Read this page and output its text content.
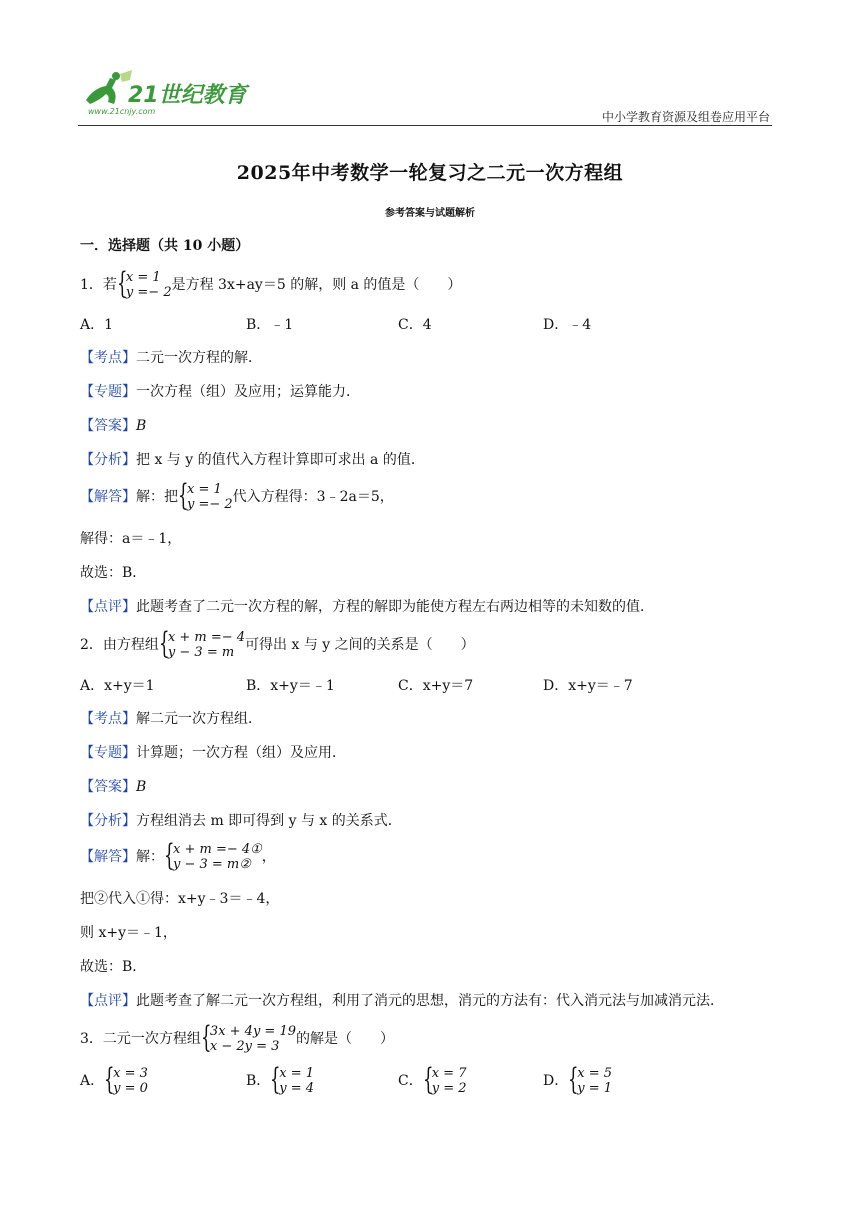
21世纪教育
www.21cnjy.com	中小学教育资源及组卷应用平台
2025年中考数学一轮复习之二元一次方程组
参考答案与试题解析
一．选择题（共 10 小题）
1．若 {
x = 1
y =− 2 是方程 3x+ay＝5 的解，则 a 的值是（　　）
A．1	B．﹣1	C．4	D．﹣4
【考点】二元一次方程的解．
【专题】一次方程（组）及应用；运算能力．
【答案】B
【分析】把 x 与 y 的值代入方程计算即可求出 a 的值．
【解答】解：把 {
x = 1
y =− 2 代入方程得：3﹣2a＝5，
解得：a＝﹣1，
故选：B．
【点评】此题考查了二元一次方程的解，方程的解即为能使方程左右两边相等的未知数的值．
2．由方程组 {
x + m =− 4
y − 3 = m 可得出 x 与 y 之间的关系是（　　）
A．x+y＝1	B．x+y＝﹣1	C．x+y＝7	D．x+y＝﹣7
【考点】解二元一次方程组．
【专题】计算题；一次方程（组）及应用．
【答案】B
【分析】方程组消去 m 即可得到 y 与 x 的关系式．
【解答】解： {
x + m =− 4①
y − 3 = m② ，
把②代入①得：x+y﹣3＝﹣4，
则 x+y＝﹣1，
故选：B．
【点评】此题考查了解二元一次方程组，利用了消元的思想，消元的方法有：代入消元法与加减消元法．
3．二元一次方程组 {
3x + 4y = 19
x − 2y = 3	的解是（　　）
A． {
x = 3
y = 0	B． {
x = 1
y = 4	C． {
x = 7
y = 2	D． {
x = 5
y = 1
